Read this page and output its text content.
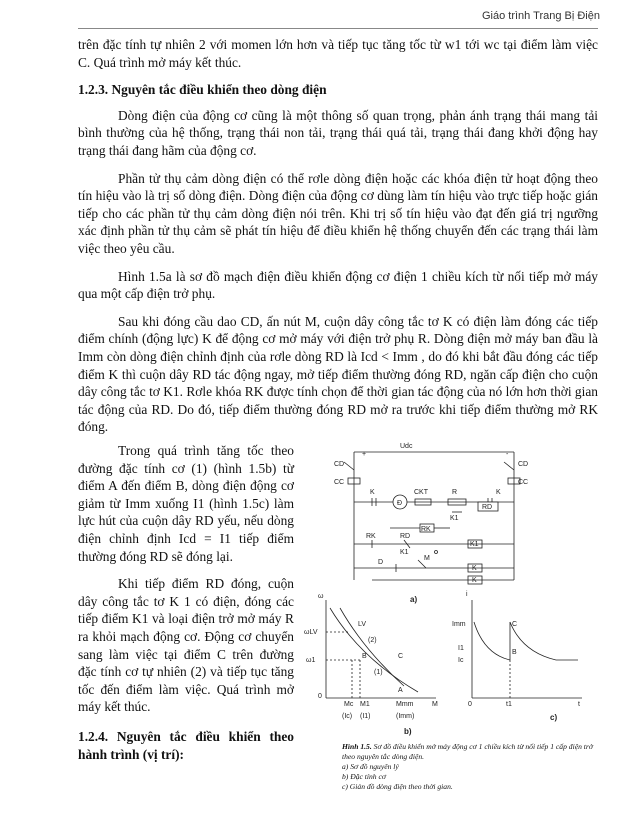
Giáo trình Trang Bị Điện

trên đặc tính tự nhiên 2 với momen lớn hơn và tiếp tục tăng tốc từ w1 tới wc tại điểm làm việc C. Quá trình mở máy kết thúc.

1.2.3. Nguyên tắc điều khiển theo dòng điện

Dòng điện của động cơ cũng là một thông số quan trọng, phản ánh trạng thái mang tải bình thường của hệ thống, trạng thái non tải, trạng thái quá tải, trạng thái đang khởi động hay trạng thái đang hãm của động cơ.

Phần tử thụ cảm dòng điện có thể rơle dòng điện hoặc các khóa điện tử hoạt động theo tín hiệu vào là trị số dòng điện. Dòng điện của động cơ dùng làm tín hiệu vào trực tiếp hoặc gián tiếp cho các phần tử thụ cảm dòng điện nói trên. Khi trị số tín hiệu vào đạt đến giá trị ngưỡng xác định phần tử thụ cảm sẽ phát tín hiệu để điều khiển hệ thống chuyển đến các trạng thái làm việc theo yêu cầu.

Hình 1.5a là sơ đồ mạch điện điều khiển động cơ điện 1 chiều kích từ nối tiếp mở máy qua một cấp điện trở phụ.

Sau khi đóng cầu dao CD, ấn nút M, cuộn dây công tắc tơ K có điện làm đóng các tiếp điểm chính (động lực) K để động cơ mở máy với điện trở phụ R. Dòng điện mở máy ban đầu là Imm còn dòng điện chỉnh định của rơle dòng RD là Icd < Imm , do đó khi bắt đầu đóng các tiếp điểm K thì cuộn dây RD tác động ngay, mở tiếp điểm thường đóng RD, ngăn cấp điện cho cuộn dây công tắc tơ K1. Rơle khóa RK được tính chọn để thời gian tác động của nó lớn hơn thời gian tác động của RD. Do đó, tiếp điểm thường đóng RD mở ra trước khi tiếp điểm thường mở RK đóng.

Trong quá trình tăng tốc theo đường đặc tính cơ (1) (hình 1.5b) từ điểm A đến điểm B, dòng điện động cơ giảm từ Imm xuống I1 (hình 1.5c) làm lực hút của cuộn dây RD yếu, nếu dòng điện chỉnh định Icd = I1 tiếp điểm thường đóng RD sẽ đóng lại.

Khi tiếp điểm RD đóng, cuộn dây công tắc tơ K 1 có điện, đóng các tiếp điểm K1 và loại điện trở mở máy R ra khỏi mạch động cơ. Động cơ chuyển sang làm việc tại điểm C trên đường đặc tính cơ tự nhiên (2) và tiếp tục tăng tốc đến điểm làm việc. Quá trình mở máy kết thúc.

1.2.4. Nguyên tắc điều khiển theo hành trình (vị trí):

Udc
+	-
CD	CD
CC	CC
K
Đ
CKT	R	K
RD
K1
RK
RK	RD
K1
K1
D
M
K
K
a)
ω
ωLV
ω1
LV
(2)
(1)
B	C
A
0
M
Mc M1	Mmm
(Ic) (I1)	(Imm)
b)
i
Imm
I1
Ic
C
B
0	t1	t
c)
Hình 1.5. Sơ đồ điều khiển mở máy động cơ 1 chiều kích từ nối tiếp 1 cấp điện trở theo nguyên tắc dòng điện.
a) Sơ đồ nguyên lý
b) Đặc tính cơ
c) Giản đồ dòng điện theo thời gian.
